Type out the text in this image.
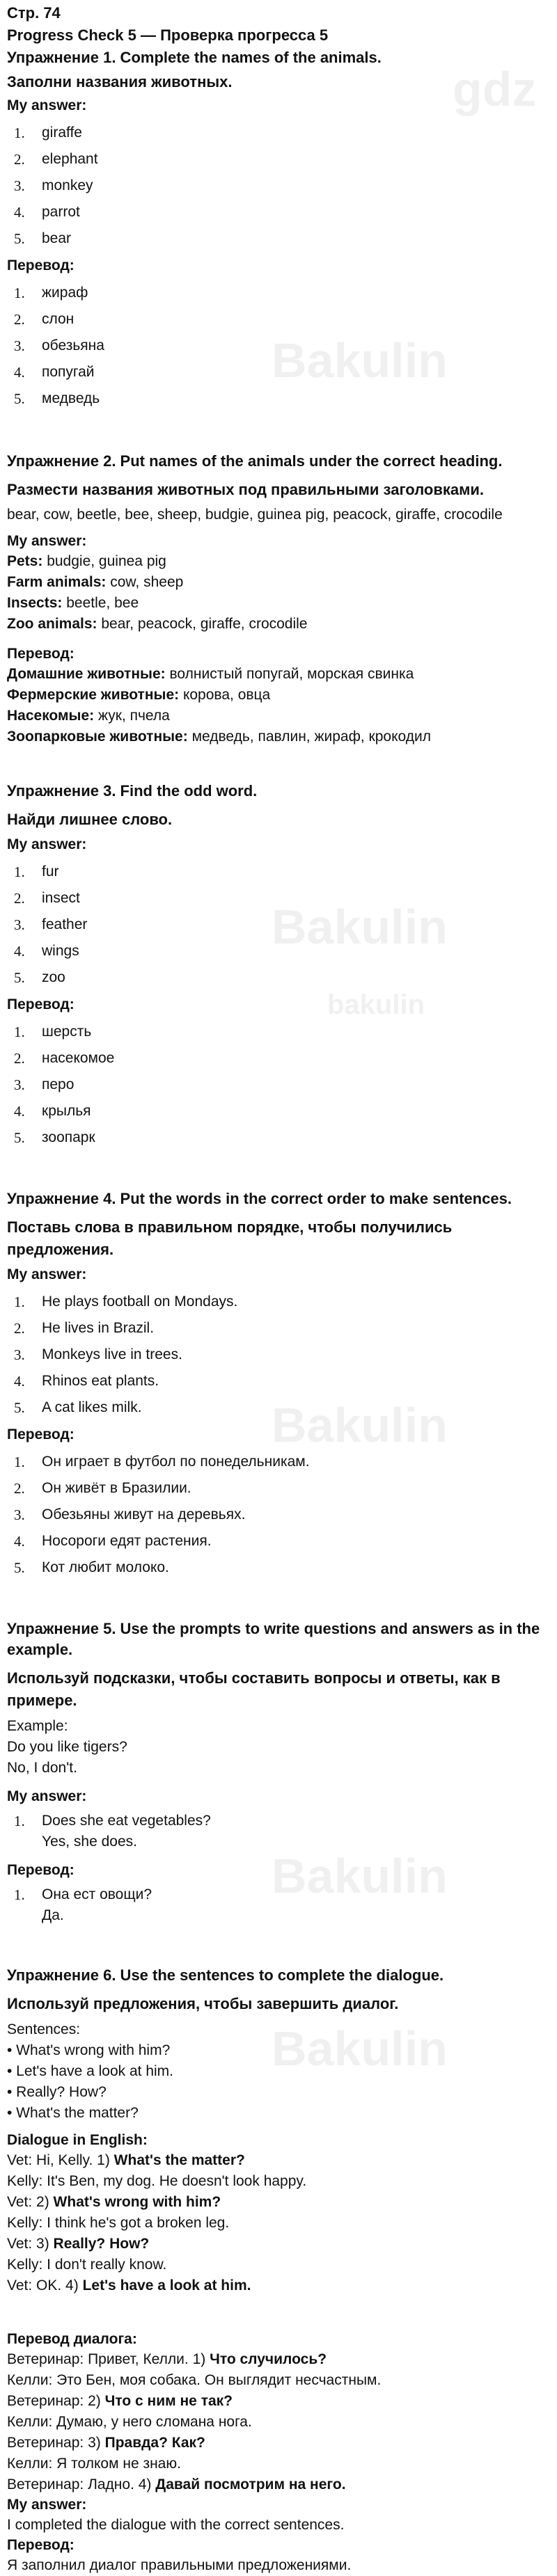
Стр. 74
Progress Check 5 — Проверка прогресса 5
Упражнение 1. Complete the names of the animals.
Заполни названия животных.
My answer:
1.	giraffe
2.	elephant
3.	monkey
4.	parrot
5.	bear
Перевод:
1.	жираф
2.	слон
3.	обезьяна
4.	попугай
5.	медведь
gdz
Bakulin
Упражнение 2. Put names of the animals under the correct heading.
Размести названия животных под правильными заголовками.
bear, cow, beetle, bee, sheep, budgie, guinea pig, peacock, giraffe, crocodile
My answer:

Pets: budgie, guinea pig

Farm animals: cow, sheep

Insects: beetle, bee

Zoo animals: bear, peacock, giraffe, crocodile

Перевод:

Домашние животные: волнистый попугай, морская свинка

Фермерские животные: корова, овца

Насекомые: жук, пчела

Зоопарковые животные: медведь, павлин, жираф, крокодил

Упражнение 3. Find the odd word.
Найди лишнее слово.
My answer:
1.	fur
2.	insect
3.	feather
4.	wings
5.	zoo
Перевод:
1.	шерсть
2.	насекомое
3.	перо
4.	крылья
5.	зоопарк
Bakulin
bakulin
Упражнение 4. Put the words in the correct order to make sentences.
Поставь слова в правильном порядке, чтобы получились предложения.
My answer:
1.	He plays football on Mondays.
2.	He lives in Brazil.
3.	Monkeys live in trees.
4.	Rhinos eat plants.
5.	A cat likes milk.
Перевод:
1.	Он играет в футбол по понедельникам.
2.	Он живёт в Бразилии.
3.	Обезьяны живут на деревьях.
4.	Носороги едят растения.
5.	Кот любит молоко.
Bakulin
Упражнение 5. Use the prompts to write questions and answers as in the example.
Используй подсказки, чтобы составить вопросы и ответы, как в примере.

Example:

Do you like tigers?

No, I don't.

My answer:
1.	Does she eat vegetables?
Yes, she does.
Перевод:
1.	Она ест овощи?
Да.
Bakulin
Упражнение 6. Use the sentences to complete the dialogue.
Используй предложения, чтобы завершить диалог.

Sentences:

• What's wrong with him?

• Let's have a look at him.

• Really? How?

• What's the matter?

Dialogue in English:

Vet: Hi, Kelly. 1) What's the matter?

Kelly: It's Ben, my dog. He doesn't look happy.

Vet: 2) What's wrong with him?

Kelly: I think he's got a broken leg.

Vet: 3) Really? How?

Kelly: I don't really know.

Vet: OK. 4) Let's have a look at him.

Перевод диалога:

Ветеринар: Привет, Келли. 1) Что случилось?

Келли: Это Бен, моя собака. Он выглядит несчастным.

Ветеринар: 2) Что с ним не так?

Келли: Думаю, у него сломана нога.

Ветеринар: 3) Правда? Как?

Келли: Я толком не знаю.

Ветеринар: Ладно. 4) Давай посмотрим на него.

My answer:

I completed the dialogue with the correct sentences.

Перевод:

Я заполнил диалог правильными предложениями.

Bakulin
